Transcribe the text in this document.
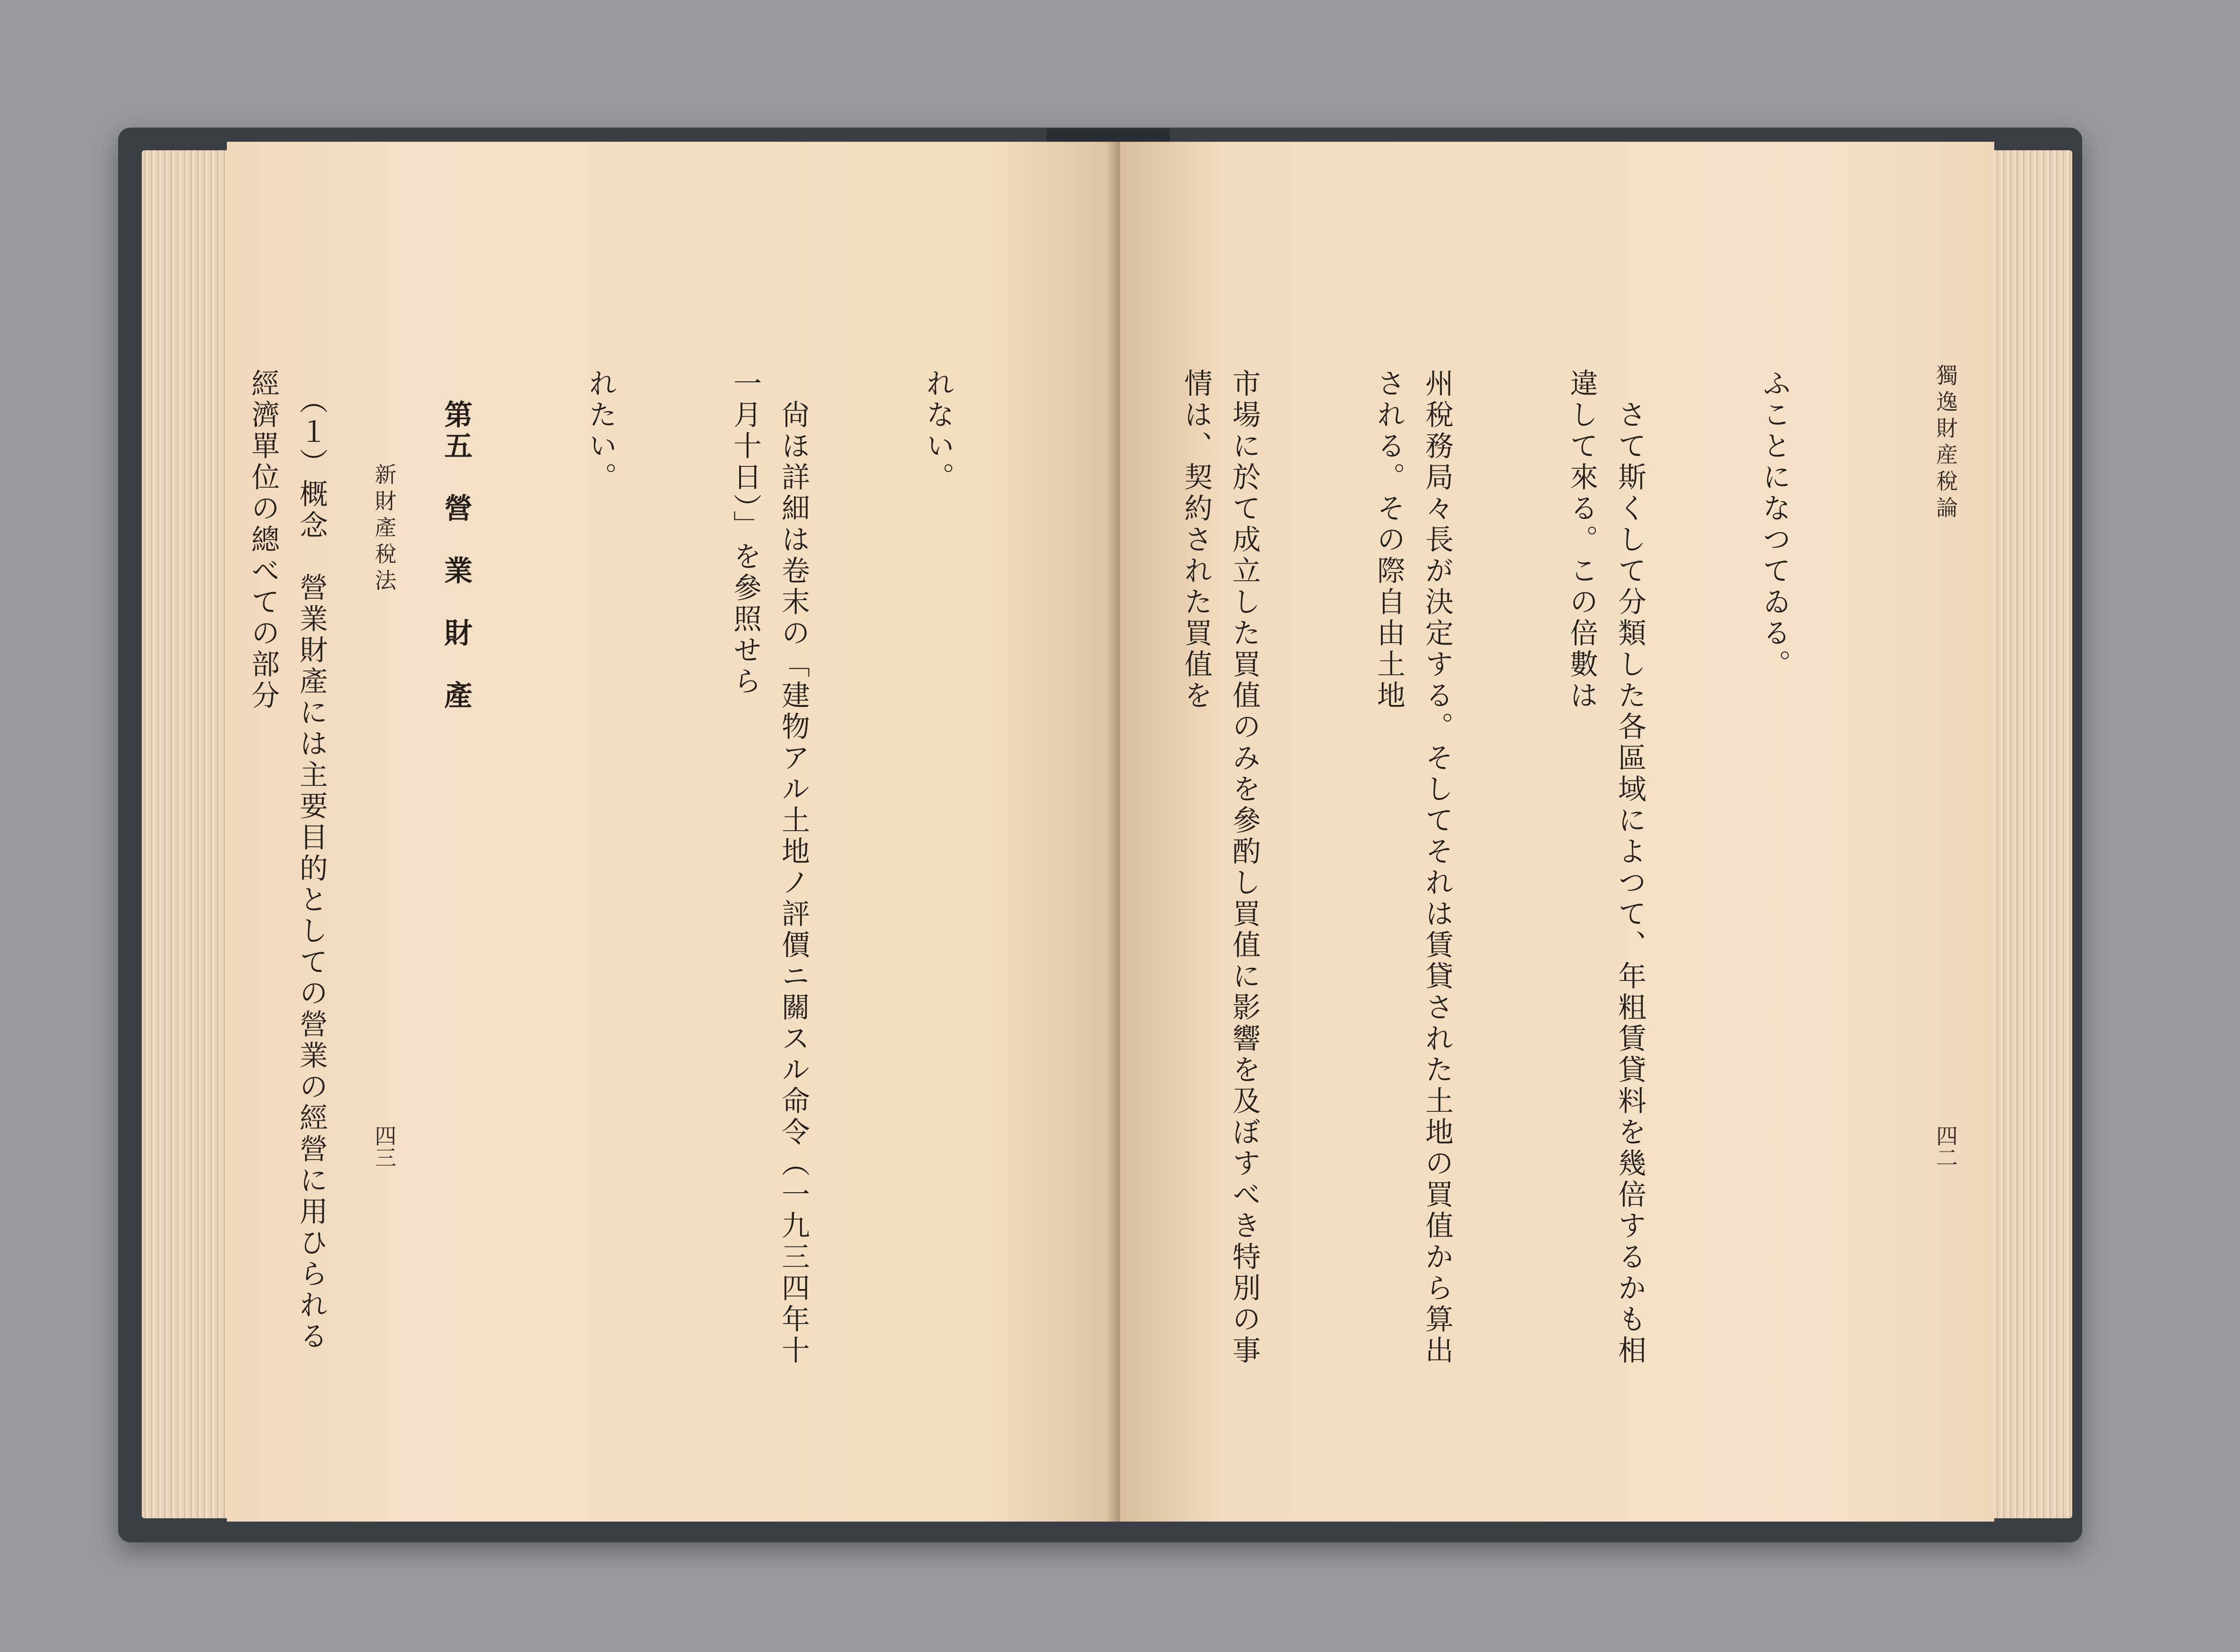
れない。

　尙ほ詳細は卷末の「建物アル土地ノ評價ニ關スル命令（一九三四年十一月十日）」を參照せら

れたい。

　第五　營　業　財　產

　（１）概念　營業財產には主要目的としての營業の經營に用ひられる經濟單位の總べての部分

	新財產稅法
四三
獨逸財産稅論
四二

ふことになつてゐる。

　さて斯くして分類した各區域によつて、年粗賃貸料を幾倍するかも相違して來る。この倍數は

州稅務局々長が決定する。そしてそれは賃貸された土地の買值から算出される。その際自由土地

市場に於て成立した買值のみを參酌し買值に影響を及ぼすべき特別の事情は、契約された買值を
